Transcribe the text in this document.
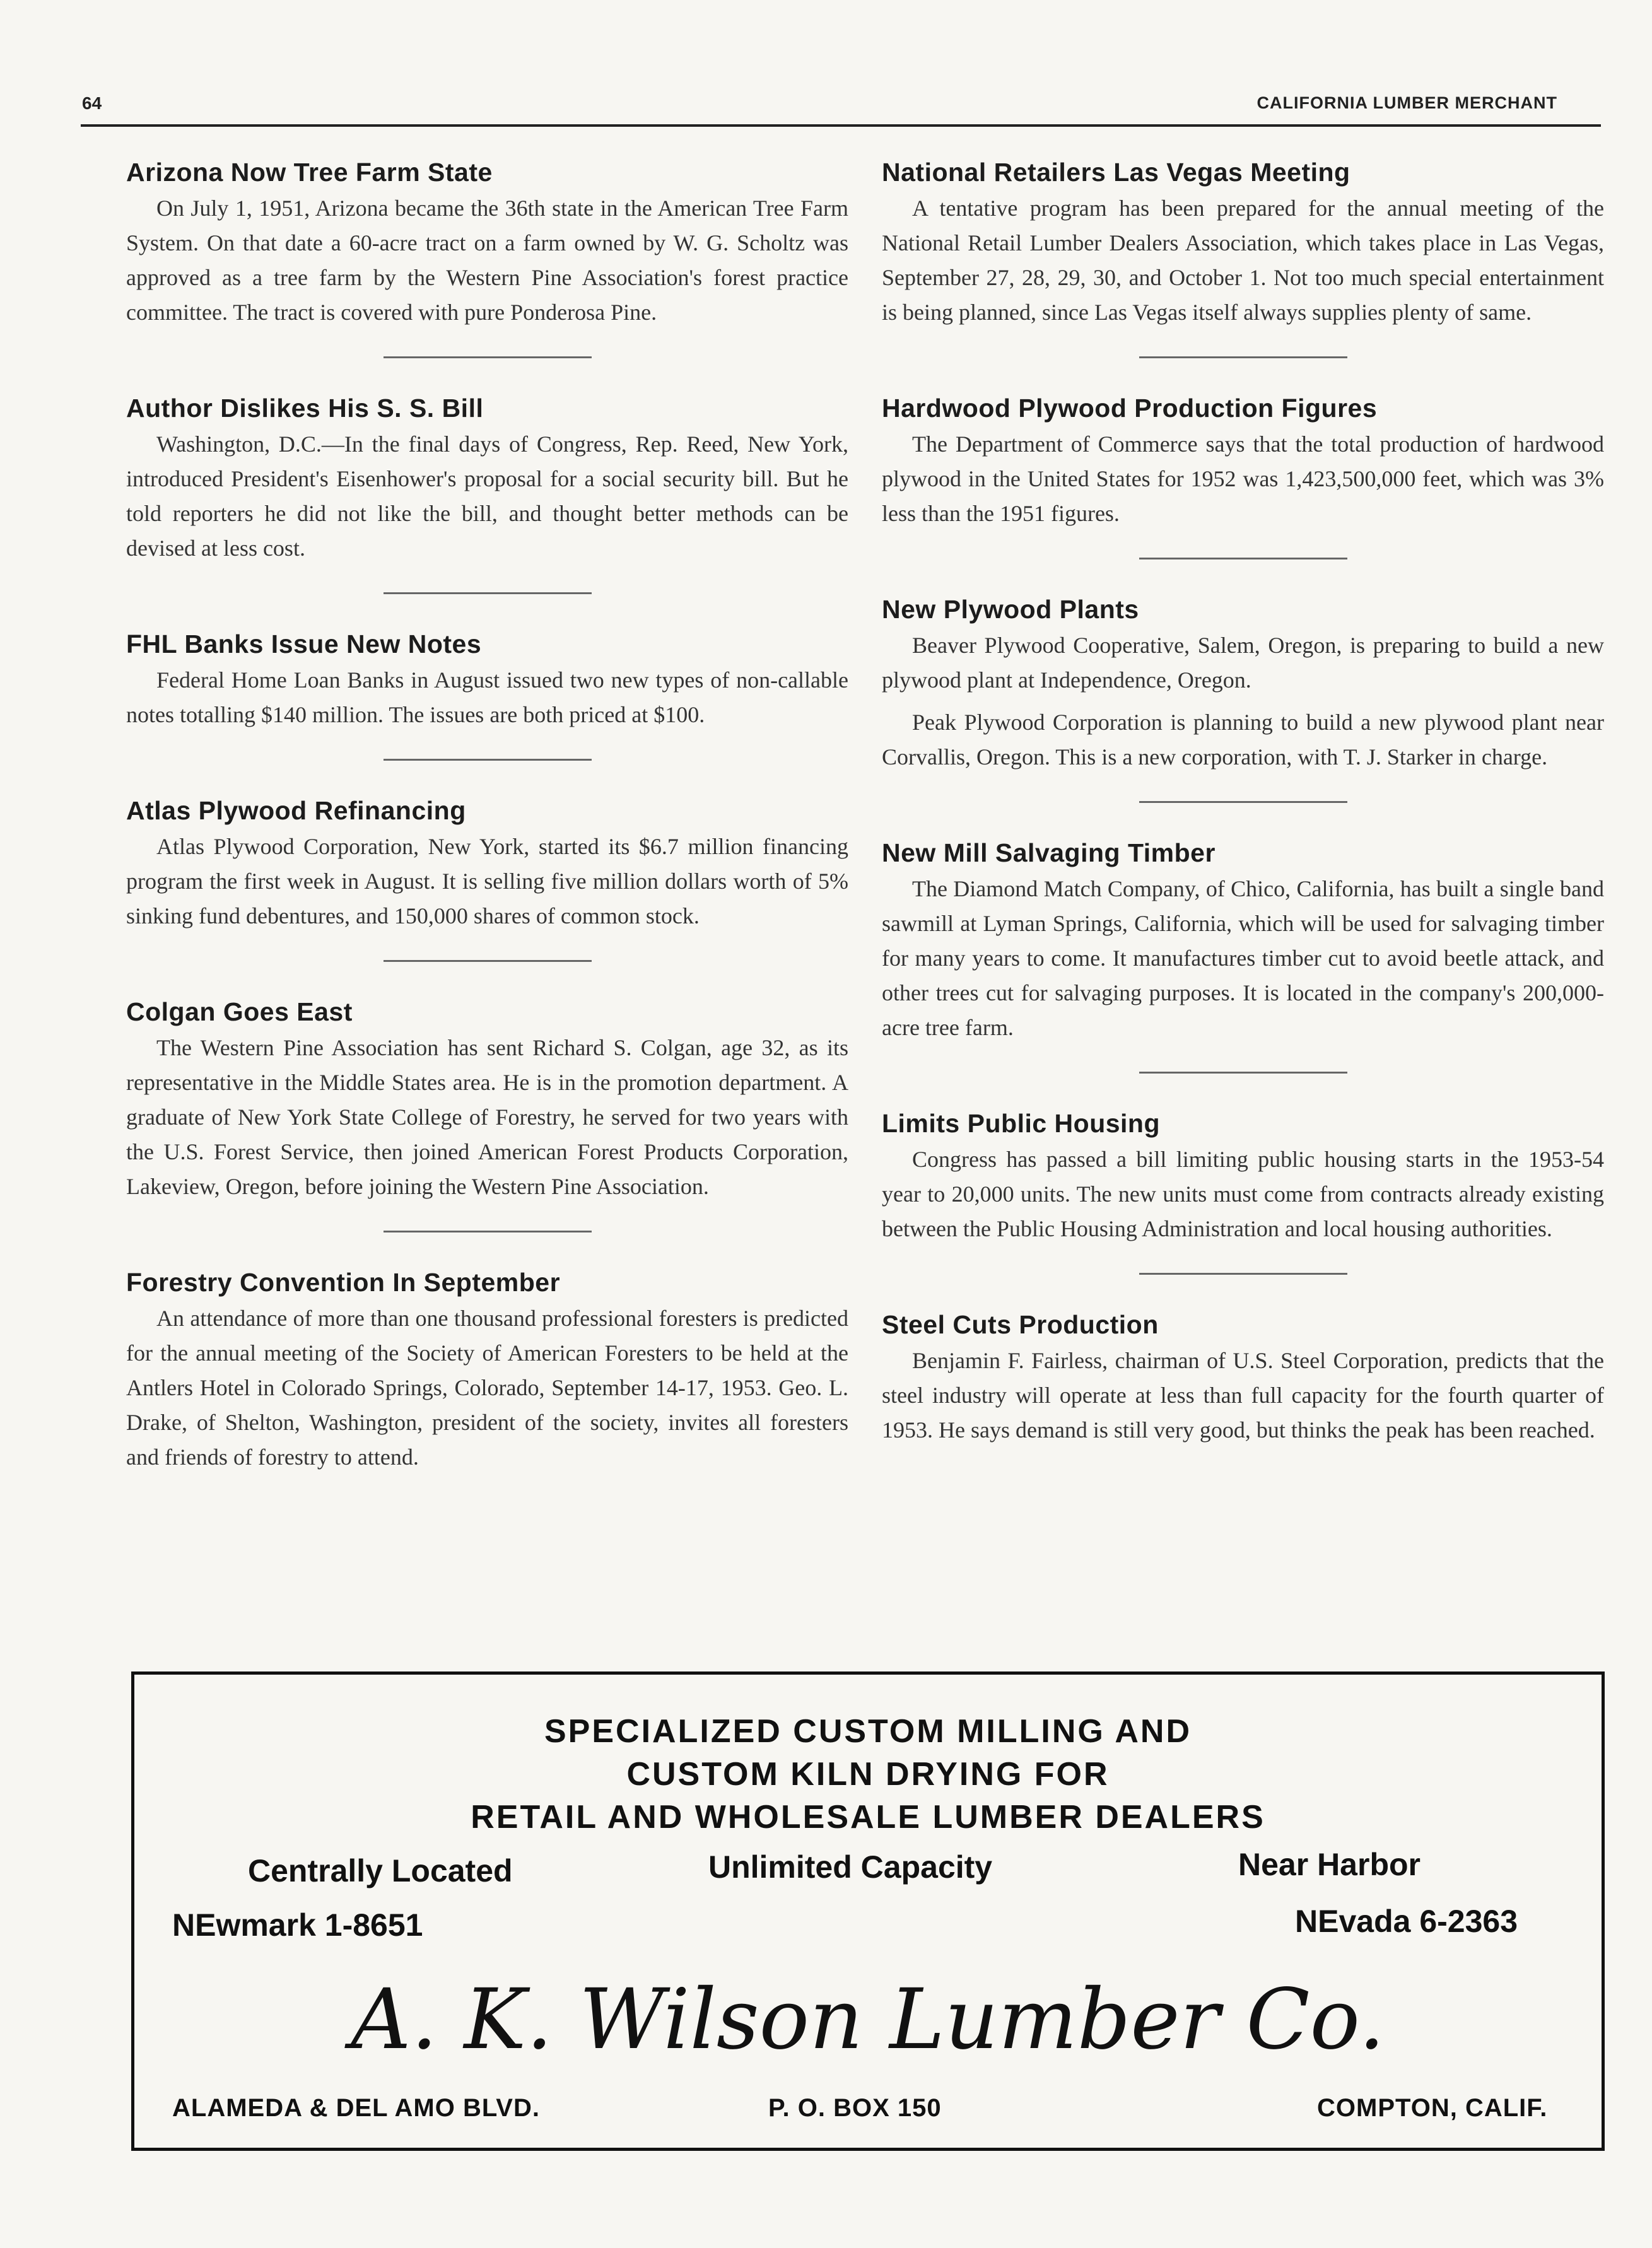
64	CALIFORNIA LUMBER MERCHANT
Arizona Now Tree Farm State

On July 1, 1951, Arizona became the 36th state in the American Tree Farm System. On that date a 60-acre tract on a farm owned by W. G. Scholtz was approved as a tree farm by the Western Pine Association's forest practice committee. The tract is covered with pure Ponderosa Pine.

Author Dislikes His S. S. Bill

Washington, D.C.—In the final days of Congress, Rep. Reed, New York, introduced President's Eisenhower's proposal for a social security bill. But he told reporters he did not like the bill, and thought better methods can be devised at less cost.

FHL Banks Issue New Notes

Federal Home Loan Banks in August issued two new types of non-callable notes totalling $140 million. The issues are both priced at $100.

Atlas Plywood Refinancing

Atlas Plywood Corporation, New York, started its $6.7 million financing program the first week in August. It is selling five million dollars worth of 5% sinking fund debentures, and 150,000 shares of common stock.

Colgan Goes East

The Western Pine Association has sent Richard S. Colgan, age 32, as its representative in the Middle States area. He is in the promotion department. A graduate of New York State College of Forestry, he served for two years with the U.S. Forest Service, then joined American Forest Products Corporation, Lakeview, Oregon, before joining the Western Pine Association.

Forestry Convention In September

An attendance of more than one thousand professional foresters is predicted for the annual meeting of the Society of American Foresters to be held at the Antlers Hotel in Colorado Springs, Colorado, September 14-17, 1953. Geo. L. Drake, of Shelton, Washington, president of the society, invites all foresters and friends of forestry to attend.

National Retailers Las Vegas Meeting

A tentative program has been prepared for the annual meeting of the National Retail Lumber Dealers Association, which takes place in Las Vegas, September 27, 28, 29, 30, and October 1. Not too much special entertainment is being planned, since Las Vegas itself always supplies plenty of same.

Hardwood Plywood Production Figures

The Department of Commerce says that the total production of hardwood plywood in the United States for 1952 was 1,423,500,000 feet, which was 3% less than the 1951 figures.

New Plywood Plants

Beaver Plywood Cooperative, Salem, Oregon, is preparing to build a new plywood plant at Independence, Oregon.

Peak Plywood Corporation is planning to build a new plywood plant near Corvallis, Oregon. This is a new corporation, with T. J. Starker in charge.

New Mill Salvaging Timber

The Diamond Match Company, of Chico, California, has built a single band sawmill at Lyman Springs, California, which will be used for salvaging timber for many years to come. It manufactures timber cut to avoid beetle attack, and other trees cut for salvaging purposes. It is located in the company's 200,000-acre tree farm.

Limits Public Housing

Congress has passed a bill limiting public housing starts in the 1953-54 year to 20,000 units. The new units must come from contracts already existing between the Public Housing Administration and local housing authorities.

Steel Cuts Production

Benjamin F. Fairless, chairman of U.S. Steel Corporation, predicts that the steel industry will operate at less than full capacity for the fourth quarter of 1953. He says demand is still very good, but thinks the peak has been reached.

SPECIALIZED CUSTOM MILLING AND
CUSTOM KILN DRYING FOR
RETAIL AND WHOLESALE LUMBER DEALERS
Centrally Located	Unlimited Capacity	Near Harbor
NEwmark 1-8651	NEvada 6-2363
A. K. Wilson Lumber Co.
ALAMEDA & DEL AMO BLVD.	P. O. BOX 150	COMPTON, CALIF.
